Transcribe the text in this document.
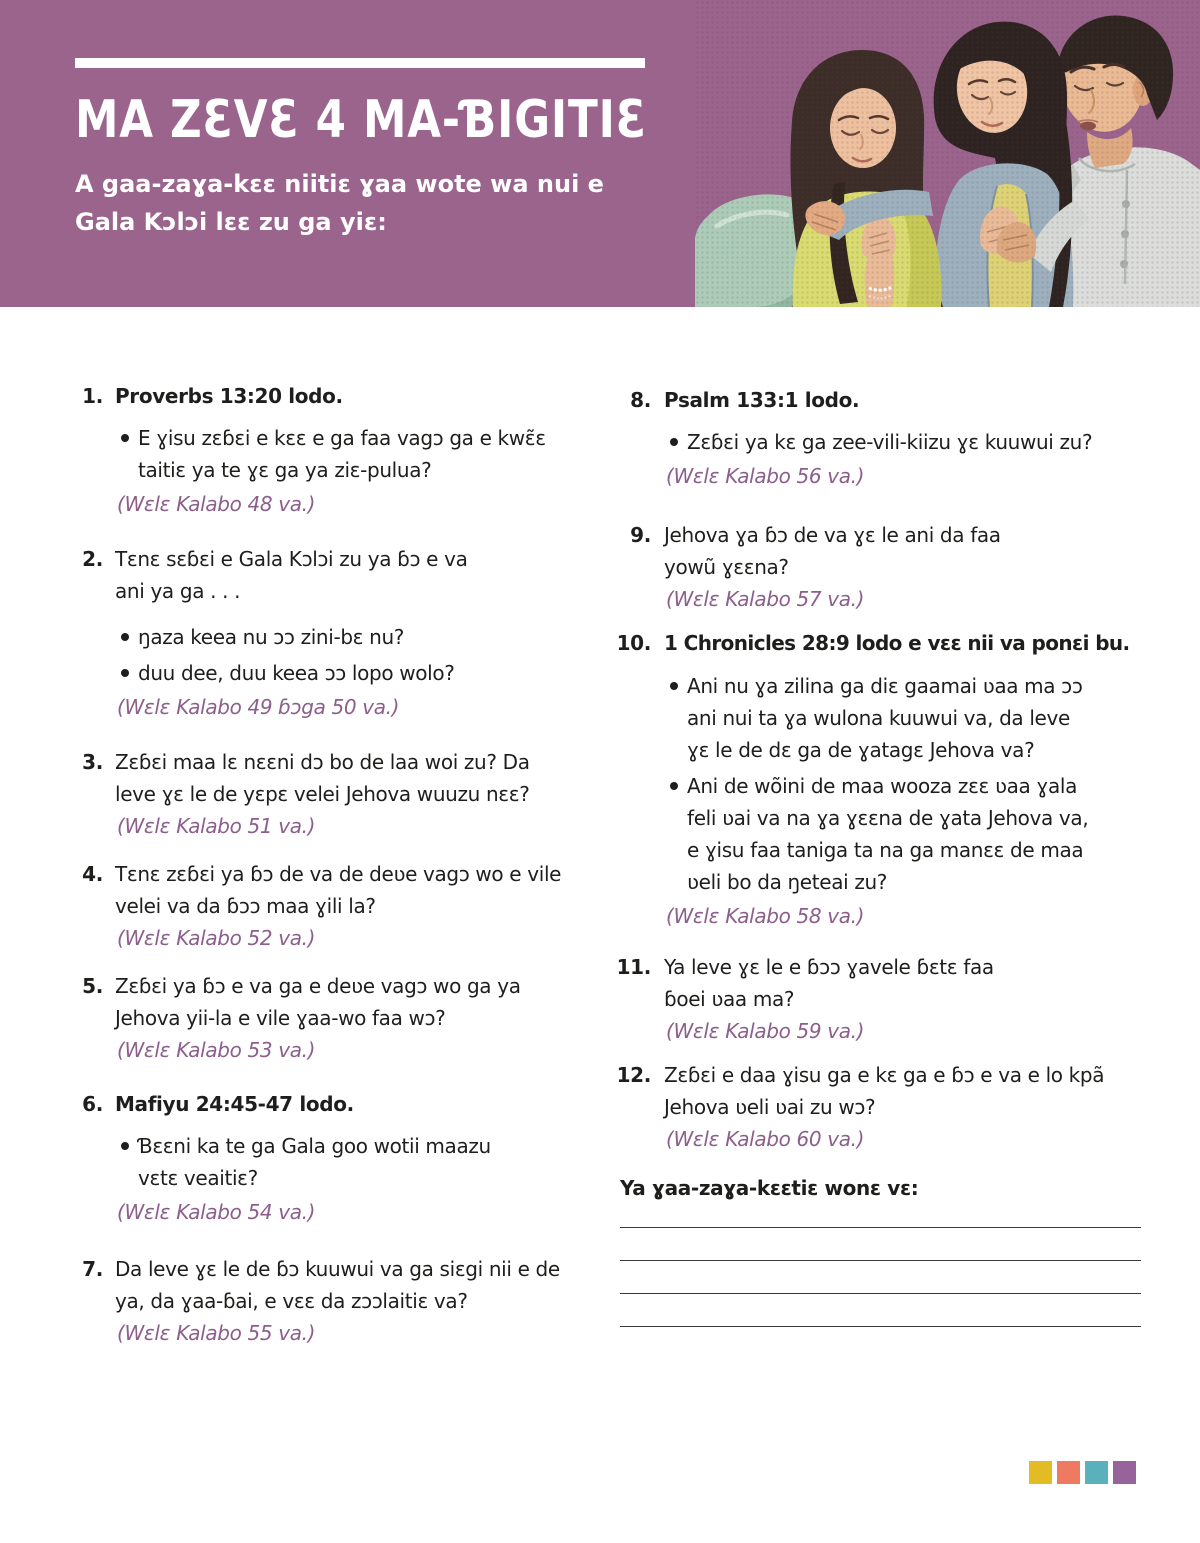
MA ZƐVƐ 4 MA-ƁIGITIƐ
A gaa-zaɣa-kɛɛ niitiɛ ɣaa wote wa nui e
Gala Kɔlɔi lɛɛ zu ga yiɛ:
1. Proverbs 13:20 lodo.
E ɣisu zɛɓɛi e kɛɛ e ga faa vagɔ ga e kwɛ̃ɛ
taitiɛ ya te ɣɛ ga ya ziɛ-pulua?
(Wɛlɛ Kalabo 48 va.)
2. Tɛnɛ sɛɓɛi e Gala Kɔlɔi zu ya ɓɔ e va
ani ya ga . . .
ŋaza keea nu ɔɔ zini-bɛ nu?
duu dee, duu keea ɔɔ lopo wolo?
(Wɛlɛ Kalabo 49 ɓɔga 50 va.)
3. Zɛɓɛi maa lɛ nɛɛni dɔ bo de laa woi zu? Da
leve ɣɛ le de yɛpɛ velei Jehova wuuzu nɛɛ?
(Wɛlɛ Kalabo 51 va.)
4. Tɛnɛ zɛɓɛi ya ɓɔ de va de deʋe vagɔ wo e vile
velei va da ɓɔɔ maa ɣili la?
(Wɛlɛ Kalabo 52 va.)
5. Zɛɓɛi ya ɓɔ e va ga e deʋe vagɔ wo ga ya
Jehova yii-la e vile ɣaa-wo faa wɔ?
(Wɛlɛ Kalabo 53 va.)
6. Mafiyu 24:45-47 lodo.
Ɓɛɛni ka te ga Gala goo wotii maazu
vɛtɛ veaitiɛ?
(Wɛlɛ Kalabo 54 va.)
7. Da leve ɣɛ le de ɓɔ kuuwui va ga siɛgi nii e de
ya, da ɣaa-ɓai, e vɛɛ da zɔɔlaitiɛ va?
(Wɛlɛ Kalabo 55 va.)
8. Psalm 133:1 lodo.
Zɛɓɛi ya kɛ ga zee-vili-kiizu ɣɛ kuuwui zu?
(Wɛlɛ Kalabo 56 va.)
9. Jehova ɣa ɓɔ de va ɣɛ le ani da faa
yowũ ɣɛɛna?
(Wɛlɛ Kalabo 57 va.)
10. 1 Chronicles 28:9 lodo e vɛɛ nii va ponɛi bu.
Ani nu ɣa zilina ga diɛ gaamai ʋaa ma ɔɔ
ani nui ta ɣa wulona kuuwui va, da leve
ɣɛ le de dɛ ga de ɣatagɛ Jehova va?
Ani de wõini de maa wooza zɛɛ ʋaa ɣala
feli ʋai va na ɣa ɣɛɛna de ɣata Jehova va,
e ɣisu faa taniga ta na ga manɛɛ de maa
ʋeli bo da ŋeteai zu?
(Wɛlɛ Kalabo 58 va.)
11. Ya leve ɣɛ le e ɓɔɔ ɣavele ɓɛtɛ faa
ɓoei ʋaa ma?
(Wɛlɛ Kalabo 59 va.)
12. Zɛɓɛi e daa ɣisu ga e kɛ ga e ɓɔ e va e lo kpã
Jehova ʋeli ʋai zu wɔ?
(Wɛlɛ Kalabo 60 va.)
Ya ɣaa-zaɣa-kɛɛtiɛ wonɛ vɛ:
